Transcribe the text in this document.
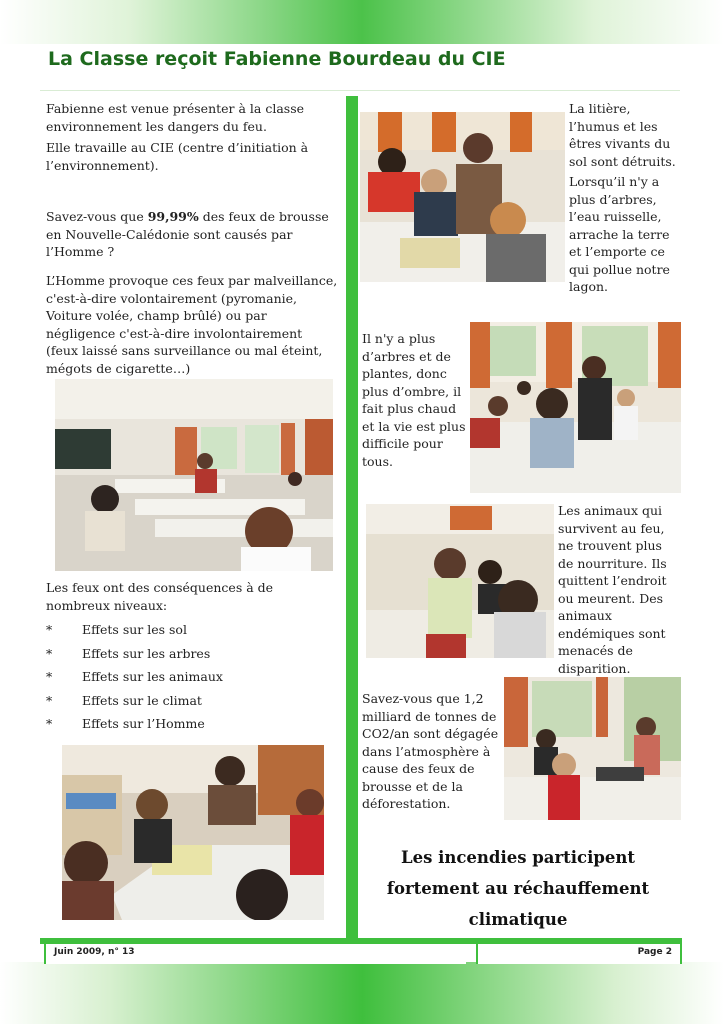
La Classe reçoit Fabienne Bourdeau du CIE

Fabienne est venue présenter à la classe environnement les dangers du feu.

Elle travaille au CIE (centre d’initiation à l’environnement).

Savez-vous que 99,99% des feux de brousse en Nouvelle-Calédonie sont causés par l’Homme ?
L’Homme provoque ces feux par malveillance, c'est-à-dire volontairement (pyromanie, Voiture volée, champ brûlé) ou par négligence c'est-à-dire involontairement (feux laissé sans surveillance ou mal éteint, mégots de cigarette…)
Les feux ont des conséquences à de nombreux niveaux:
* Effets sur les sol
* Effets sur les arbres
* Effets sur les animaux
* Effets sur le climat
* Effets sur l’Homme

La litière, l’humus et les êtres vivants du sol sont détruits.

Lorsqu’il n'y a plus d’arbres, l’eau ruisselle, arrache la terre et l’emporte ce qui pollue notre lagon.

Il n'y a plus d’arbres et de plantes, donc plus d’ombre, il fait plus chaud et la vie est plus difficile pour tous.
Les animaux qui survivent au feu, ne trouvent plus de nourriture. Ils quittent l’endroit ou meurent. Des animaux endémiques sont menacés de disparition.
Savez-vous que 1,2 milliard de tonnes de CO2/an sont dégagée dans l’atmosphère à cause des feux de brousse et de la déforestation.
Les incendies participent fortement au réchauffement climatique
Juin 2009, n° 13	Page 2
